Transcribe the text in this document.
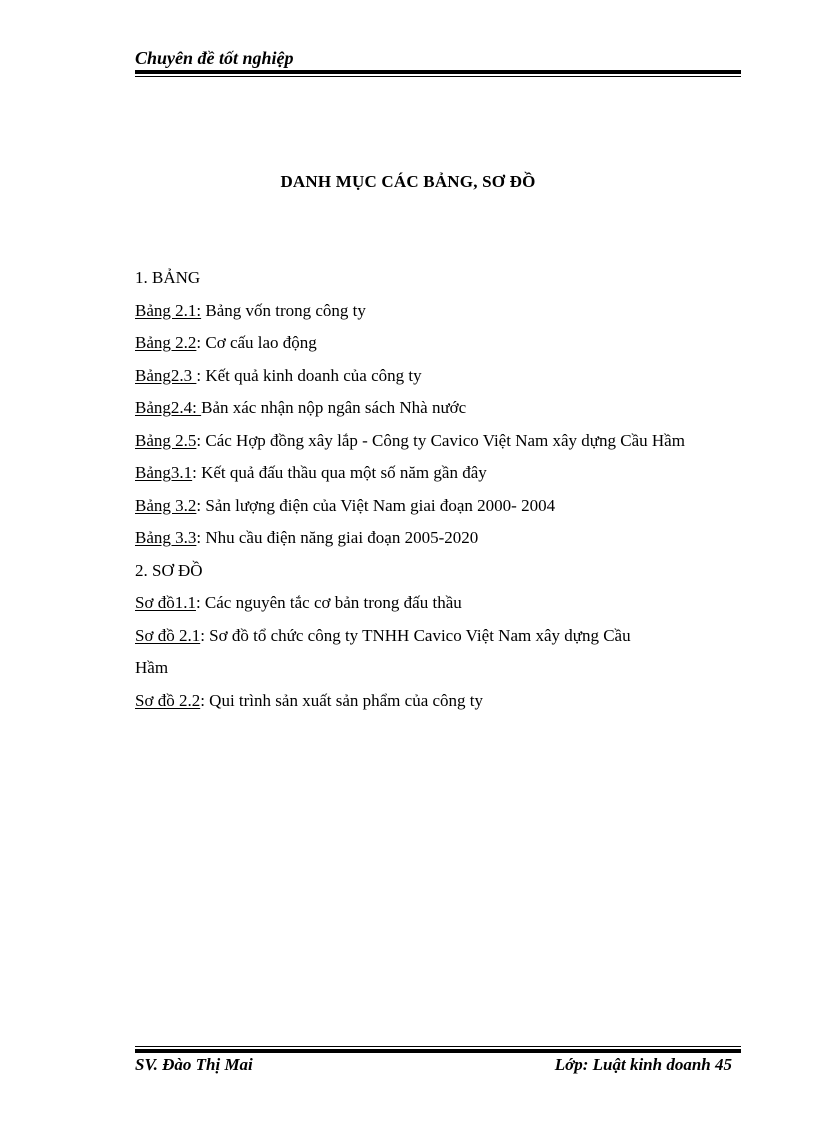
Chuyên đề tốt nghiệp
DANH MỤC CÁC BẢNG, SƠ ĐỒ
1. BẢNG
Bảng 2.1: Bảng vốn trong công ty
Bảng 2.2: Cơ cấu lao động
Bảng2.3 : Kết quả kinh doanh của công ty
Bảng2.4: Bản xác nhận nộp ngân sách Nhà nước
Bảng 2.5: Các Hợp đồng xây lắp - Công ty Cavico Việt Nam xây dựng Cầu Hầm
Bảng3.1: Kết quả đấu thầu qua một số năm gần đây
Bảng 3.2: Sản lượng điện của Việt Nam giai đoạn 2000- 2004
Bảng 3.3: Nhu cầu điện năng giai đoạn 2005-2020
2. SƠ ĐỒ
Sơ đồ1.1: Các nguyên tắc cơ bản trong đấu thầu
Sơ đồ 2.1: Sơ đồ tổ chức công ty TNHH Cavico Việt Nam xây dựng Cầu
Hầm
Sơ đồ 2.2: Qui trình sản xuất sản phẩm của công ty
SV. Đào Thị Mai	Lớp: Luật kinh doanh 45
